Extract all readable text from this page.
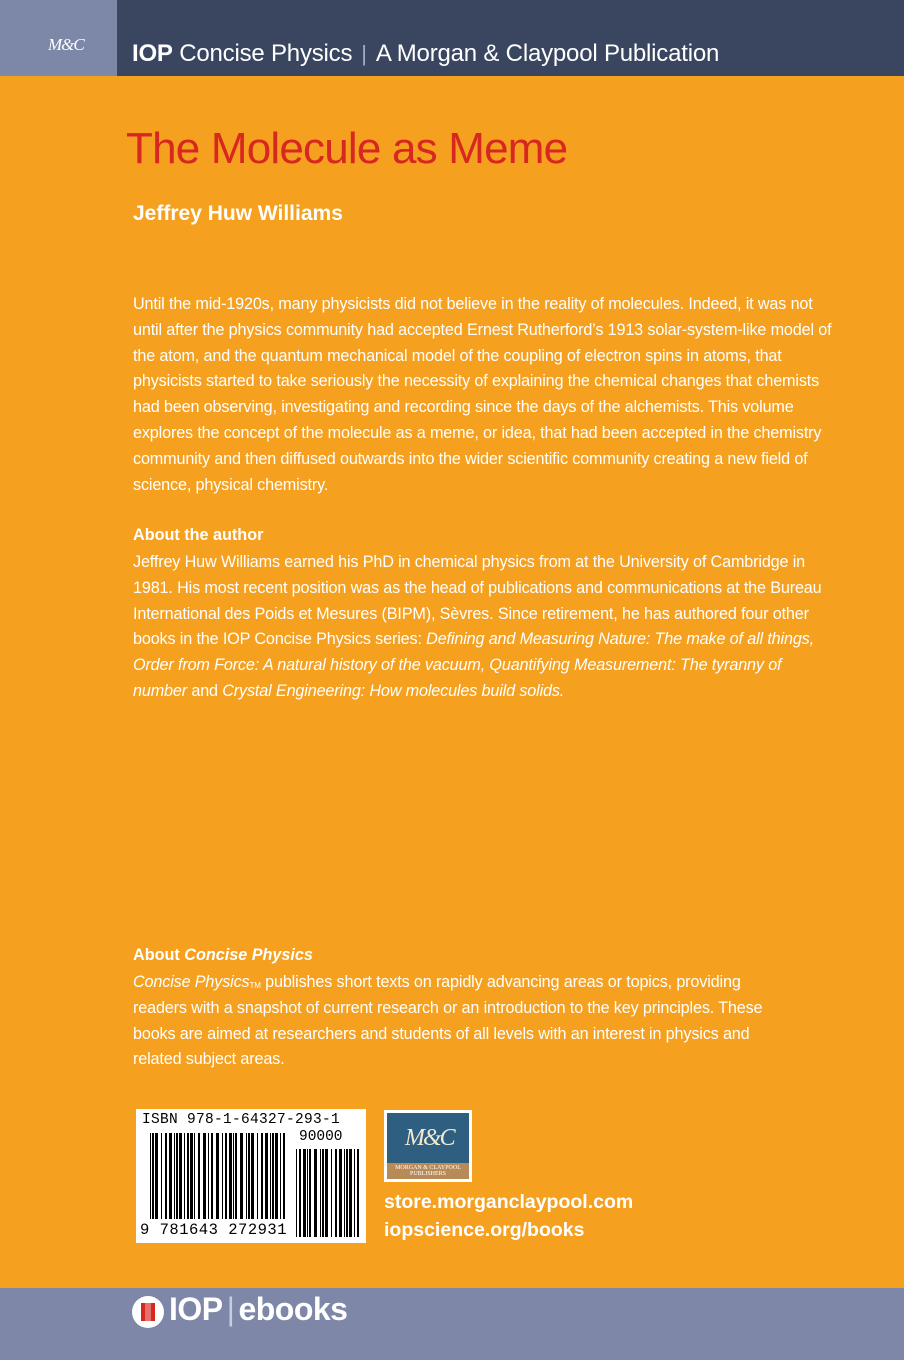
M&C IOP Concise Physics | A Morgan & Claypool Publication
The Molecule as Meme
Jeffrey Huw Williams
Until the mid-1920s, many physicists did not believe in the reality of molecules. Indeed, it was not until after the physics community had accepted Ernest Rutherford’s 1913 solar-system-like model of the atom, and the quantum mechanical model of the coupling of electron spins in atoms, that physicists started to take seriously the necessity of explaining the chemical changes that chemists had been observing, investigating and recording since the days of the alchemists. This volume explores the concept of the molecule as a meme, or idea, that had been accepted in the chemistry community and then diffused outwards into the wider scientific community creating a new field of science, physical chemistry.
About the author
Jeffrey Huw Williams earned his PhD in chemical physics from at the University of Cambridge in 1981. His most recent position was as the head of publications and communications at the Bureau International des Poids et Mesures (BIPM), Sèvres. Since retirement, he has authored four other books in the IOP Concise Physics series: Defining and Measuring Nature: The make of all things, Order from Force: A natural history of the vacuum, Quantifying Measurement: The tyranny of number and Crystal Engineering: How molecules build solids.
About Concise Physics
Concise Physics™ publishes short texts on rapidly advancing areas or topics, providing readers with a snapshot of current research or an introduction to the key principles. These books are aimed at researchers and students of all levels with an interest in physics and related subject areas.
ISBN 978-1-64327-293-1
90000
9 781643 272931
M&C
MORGAN & CLAYPOOL
PUBLISHERS
store.morganclaypool.com
iopscience.org/books
IOP | ebooks
